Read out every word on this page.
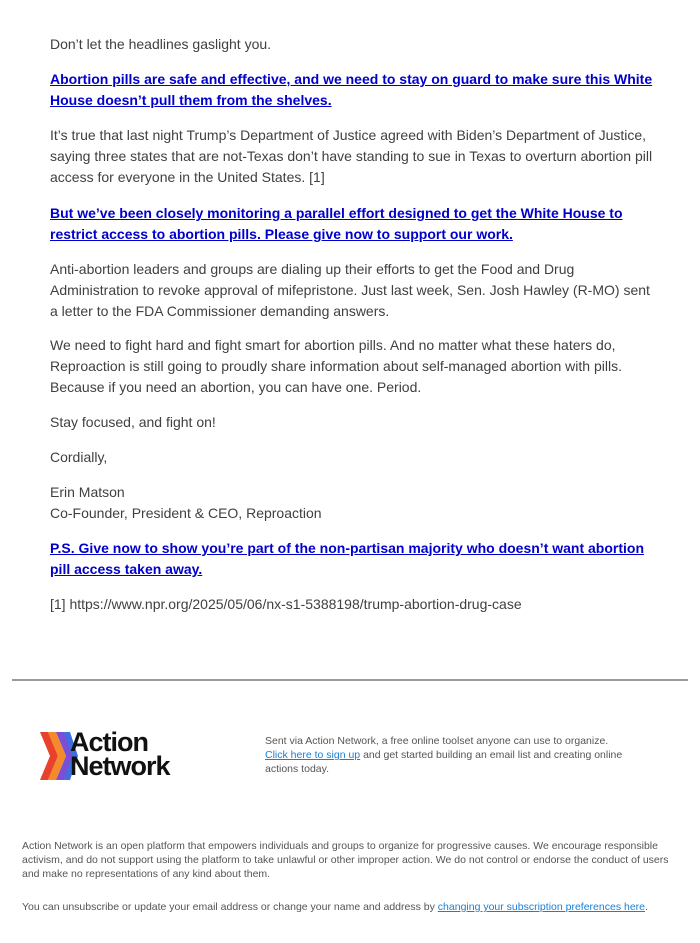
Don’t let the headlines gaslight you.

Abortion pills are safe and effective, and we need to stay on guard to make sure this White House doesn’t pull them from the shelves.

It’s true that last night Trump’s Department of Justice agreed with Biden’s Department of Justice, saying three states that are not-Texas don’t have standing to sue in Texas to overturn abortion pill access for everyone in the United States. [1]

But we’ve been closely monitoring a parallel effort designed to get the White House to restrict access to abortion pills. Please give now to support our work.

Anti-abortion leaders and groups are dialing up their efforts to get the Food and Drug Administration to revoke approval of mifepristone. Just last week, Sen. Josh Hawley (R-MO) sent a letter to the FDA Commissioner demanding answers.

We need to fight hard and fight smart for abortion pills. And no matter what these haters do, Reproaction is still going to proudly share information about self-managed abortion with pills. Because if you need an abortion, you can have one. Period.

Stay focused, and fight on!

Cordially,

Erin Matson

Co-Founder, President & CEO, Reproaction

P.S. Give now to show you’re part of the non-partisan majority who doesn’t want abortion pill access taken away.

[1] https://www.npr.org/2025/05/06/nx-s1-5388198/trump-abortion-drug-case

Action
Network
Sent via Action Network, a free online toolset anyone can use to organize.
Click here to sign up and get started building an email list and creating online actions today.

Action Network is an open platform that empowers individuals and groups to organize for progressive causes. We encourage responsible activism, and do not support using the platform to take unlawful or other improper action. We do not control or endorse the conduct of users and make no representations of any kind about them.

You can unsubscribe or update your email address or change your name and address by changing your subscription preferences here.
